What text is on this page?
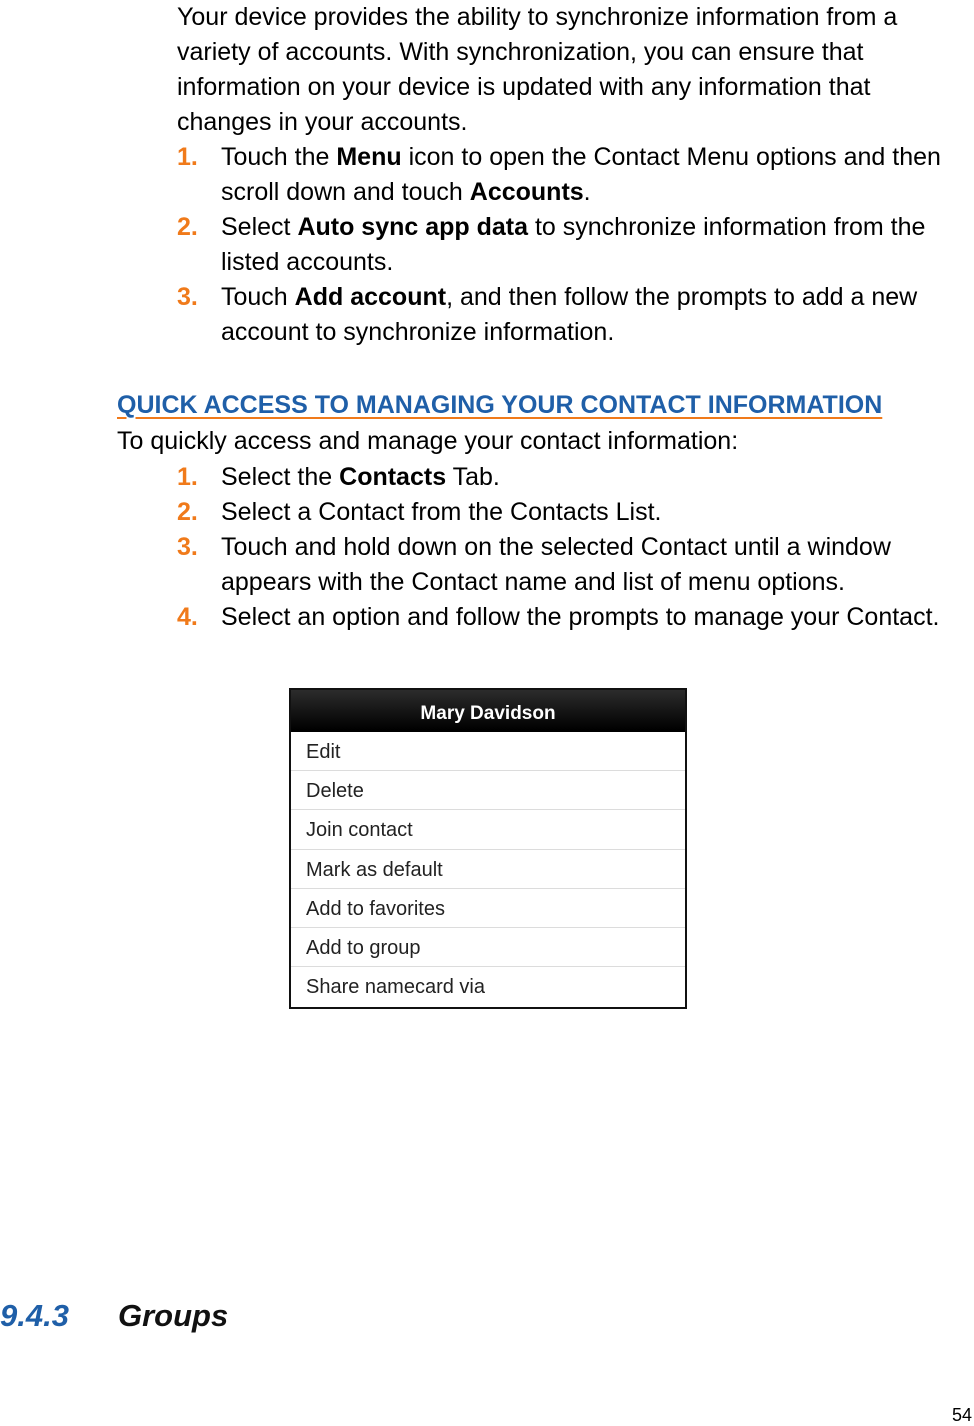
Your device provides the ability to synchronize information from a variety of accounts. With synchronization, you can ensure that information on your device is updated with any information that changes in your accounts.

1. Touch the Menu icon to open the Contact Menu options and then scroll down and touch Accounts.
2. Select Auto sync app data to synchronize information from the listed accounts.
3. Touch Add account, and then follow the prompts to add a new account to synchronize information.
QUICK ACCESS TO MANAGING YOUR CONTACT INFORMATION

To quickly access and manage your contact information:

1. Select the Contacts Tab.
2. Select a Contact from the Contacts List.
3. Touch and hold down on the selected Contact until a window appears with the Contact name and list of menu options.
4. Select an option and follow the prompts to manage your Contact.
Mary Davidson
Edit
Delete
Join contact
Mark as default
Add to favorites
Add to group
Share namecard via
9.4.3 Groups
54
